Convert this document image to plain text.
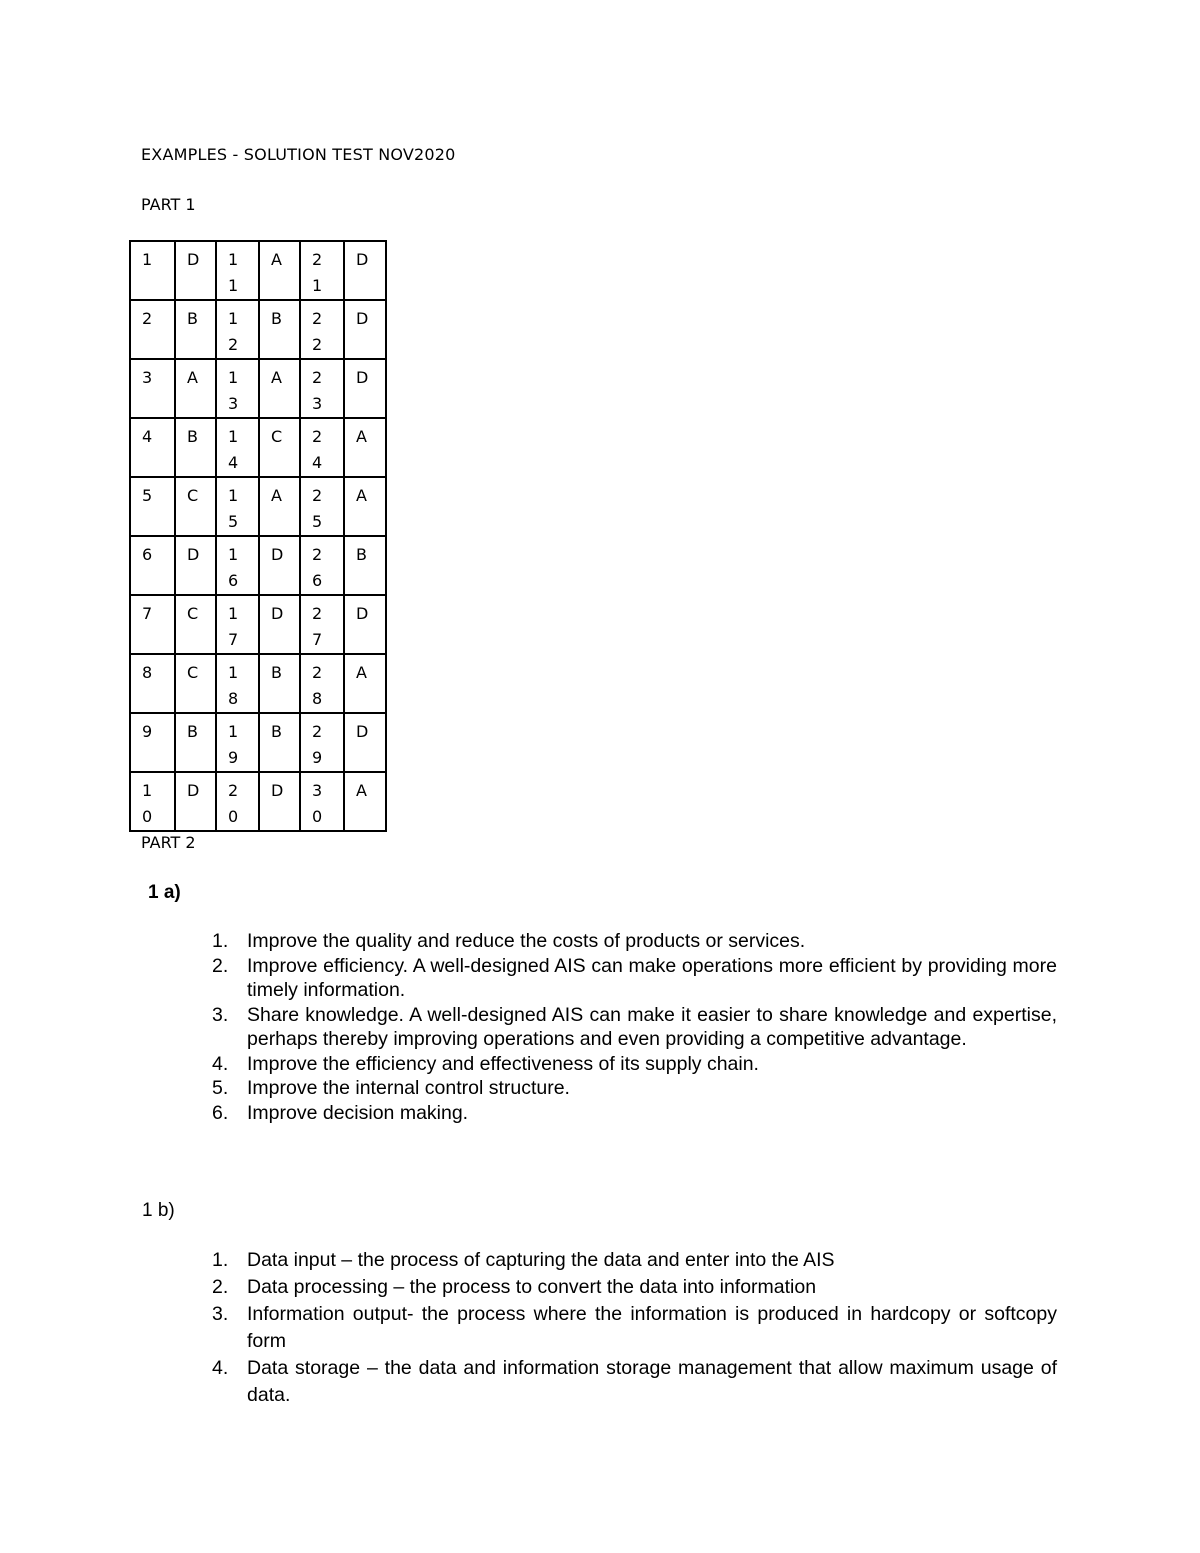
EXAMPLES - SOLUTION TEST NOV2020
PART 1
1	D	11	A	21	D
2	B	12	B	22	D
3	A	13	A	23	D
4	B	14	C	24	A
5	C	15	A	25	A
6	D	16	D	26	B
7	C	17	D	27	D
8	C	18	B	28	A
9	B	19	B	29	D
10	D	20	D	30	A
PART 2
1 a)
1. Improve the quality and reduce the costs of products or services.
2. Improve efficiency. A well-designed AIS can make operations more efficient by providing more timely information.
3. Share knowledge. A well-designed AIS can make it easier to share knowledge and expertise, perhaps thereby improving operations and even providing a competitive advantage.
4. Improve the efficiency and effectiveness of its supply chain.
5. Improve the internal control structure.
6. Improve decision making.
1 b)
1. Data input – the process of capturing the data and enter into the AIS
2. Data processing – the process to convert the data into information
3. Information output- the process where the information is produced in hardcopy or softcopy form
4. Data storage – the data and information storage management that allow maximum usage of data.
